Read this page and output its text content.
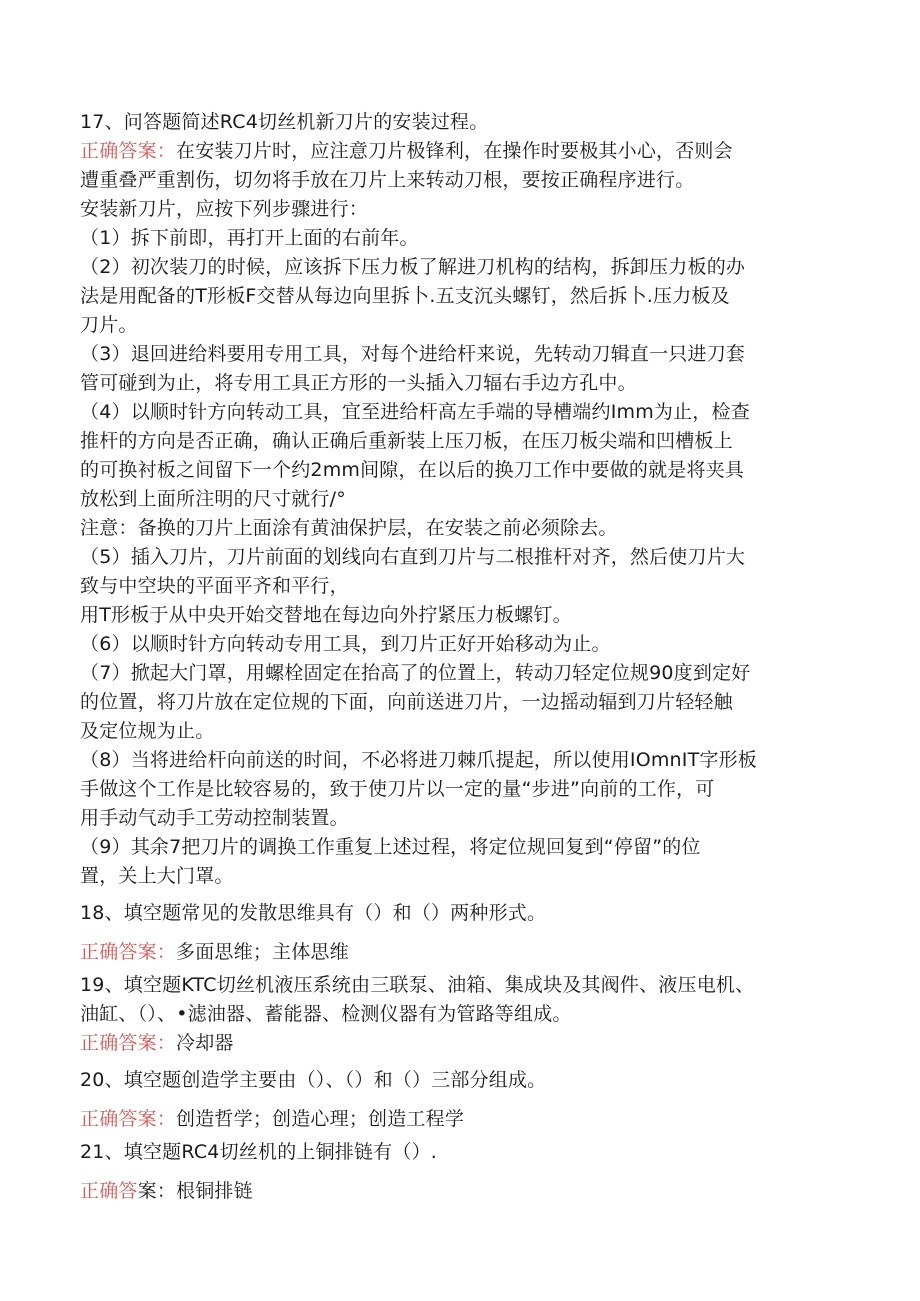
17、问答题简述RC4切丝机新刀片的安装过程。
正确答案：在安装刀片时，应注意刀片极锋利，在操作时要极其小心，否则会
遭重叠严重割伤，切勿将手放在刀片上来转动刀根，要按正确程序进行。
安装新刀片，应按下列步骤进行：
（1）拆下前即，再打开上面的右前年。
（2）初次装刀的时候，应该拆下压力板了解进刀机构的结构，拆卸压力板的办
法是用配备的T形板F交替从每边向里拆卜.五支沉头螺钉，然后拆卜.压力板及
刀片。
（3）退回进给料要用专用工具，对每个进给杆来说，先转动刀辑直一只进刀套
管可碰到为止，将专用工具正方形的一头插入刀辐右手边方孔中。
（4）以顺时针方向转动工具，宜至进给杆高左手端的导槽端约Imm为止，检查
推杆的方向是否正确，确认正确后重新装上压刀板，在压刀板尖端和凹槽板上
的可换衬板之间留下一个约2mm间隙，在以后的换刀工作中要做的就是将夹具
放松到上面所注明的尺寸就行/°
注意：备换的刀片上面涂有黄油保护层，在安装之前必须除去。
（5）插入刀片，刀片前面的划线向右直到刀片与二根推杆对齐，然后使刀片大
致与中空块的平面平齐和平行，
用T形板于从中央开始交替地在每边向外拧紧压力板螺钉。
（6）以顺时针方向转动专用工具，到刀片正好开始移动为止。
（7）掀起大门罩，用螺栓固定在抬高了的位置上，转动刀轻定位规90度到定好
的位置，将刀片放在定位规的下面，向前送进刀片，一边摇动辐到刀片轻轻触
及定位规为止。
（8）当将进给杆向前送的时间，不必将进刀棘爪提起，所以使用IOmnIT字形板
手做这个工作是比较容易的，致于使刀片以一定的量“步进”向前的工作，可
用手动气动手工劳动控制装置。
（9）其余7把刀片的调换工作重复上述过程，将定位规回复到“停留”的位
置，关上大门罩。
18、填空题常见的发散思维具有（）和（）两种形式。
正确答案：多面思维；主体思维
19、填空题KTC切丝机液压系统由三联泵、油箱、集成块及其阀件、液压电机、
油缸、（）、•滤油器、蓄能器、检测仪器有为管路等组成。
正确答案：冷却器
20、填空题创造学主要由（）、（）和（）三部分组成。
正确答案：创造哲学；创造心理；创造工程学
21、填空题RC4切丝机的上铜排链有（）.
正确答案：根铜排链
